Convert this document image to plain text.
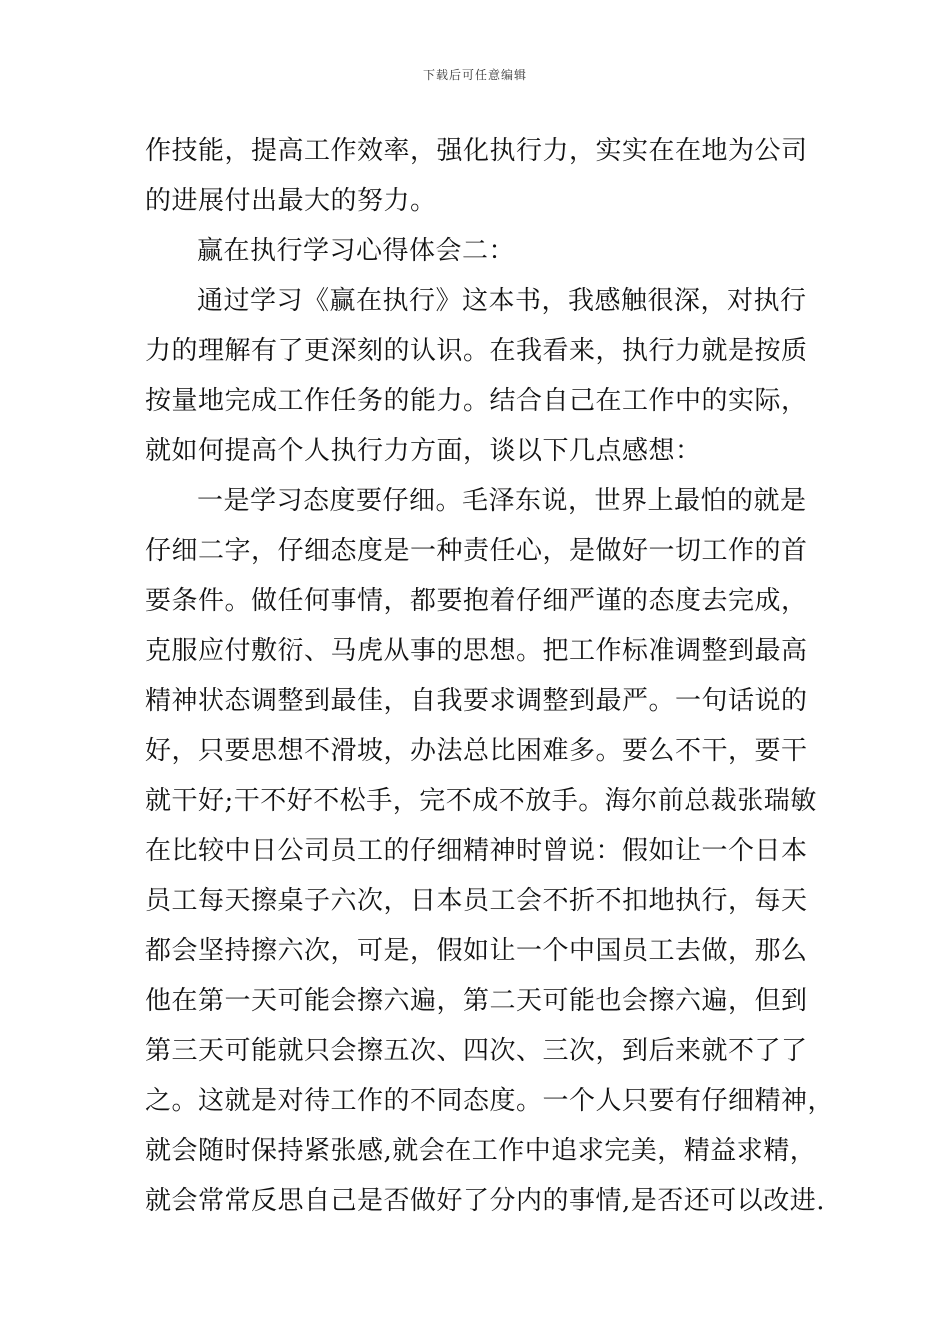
下载后可任意编辑
作技能，提高工作效率，强化执行力，实实在在地为公司
的进展付出最大的努力。
赢在执行学习心得体会二：
通过学习《赢在执行》这本书，我感触很深，对执行
力的理解有了更深刻的认识。在我看来，执行力就是按质
按量地完成工作任务的能力。结合自己在工作中的实际，
就如何提高个人执行力方面，谈以下几点感想：
一是学习态度要仔细。毛泽东说，世界上最怕的就是
仔细二字，仔细态度是一种责任心，是做好一切工作的首
要条件。做任何事情，都要抱着仔细严谨的态度去完成，
克服应付敷衍、马虎从事的思想。把工作标准调整到最高
精神状态调整到最佳，自我要求调整到最严。一句话说的
好，只要思想不滑坡，办法总比困难多。要么不干，要干
就干好;干不好不松手，完不成不放手。海尔前总裁张瑞敏
在比较中日公司员工的仔细精神时曾说：假如让一个日本
员工每天擦桌子六次，日本员工会不折不扣地执行，每天
都会坚持擦六次，可是，假如让一个中国员工去做，那么
他在第一天可能会擦六遍，第二天可能也会擦六遍，但到
第三天可能就只会擦五次、四次、三次，到后来就不了了
之。这就是对待工作的不同态度。一个人只要有仔细精神，
就会随时保持紧张感,就会在工作中追求完美，精益求精，
就会常常反思自己是否做好了分内的事情,是否还可以改进.
